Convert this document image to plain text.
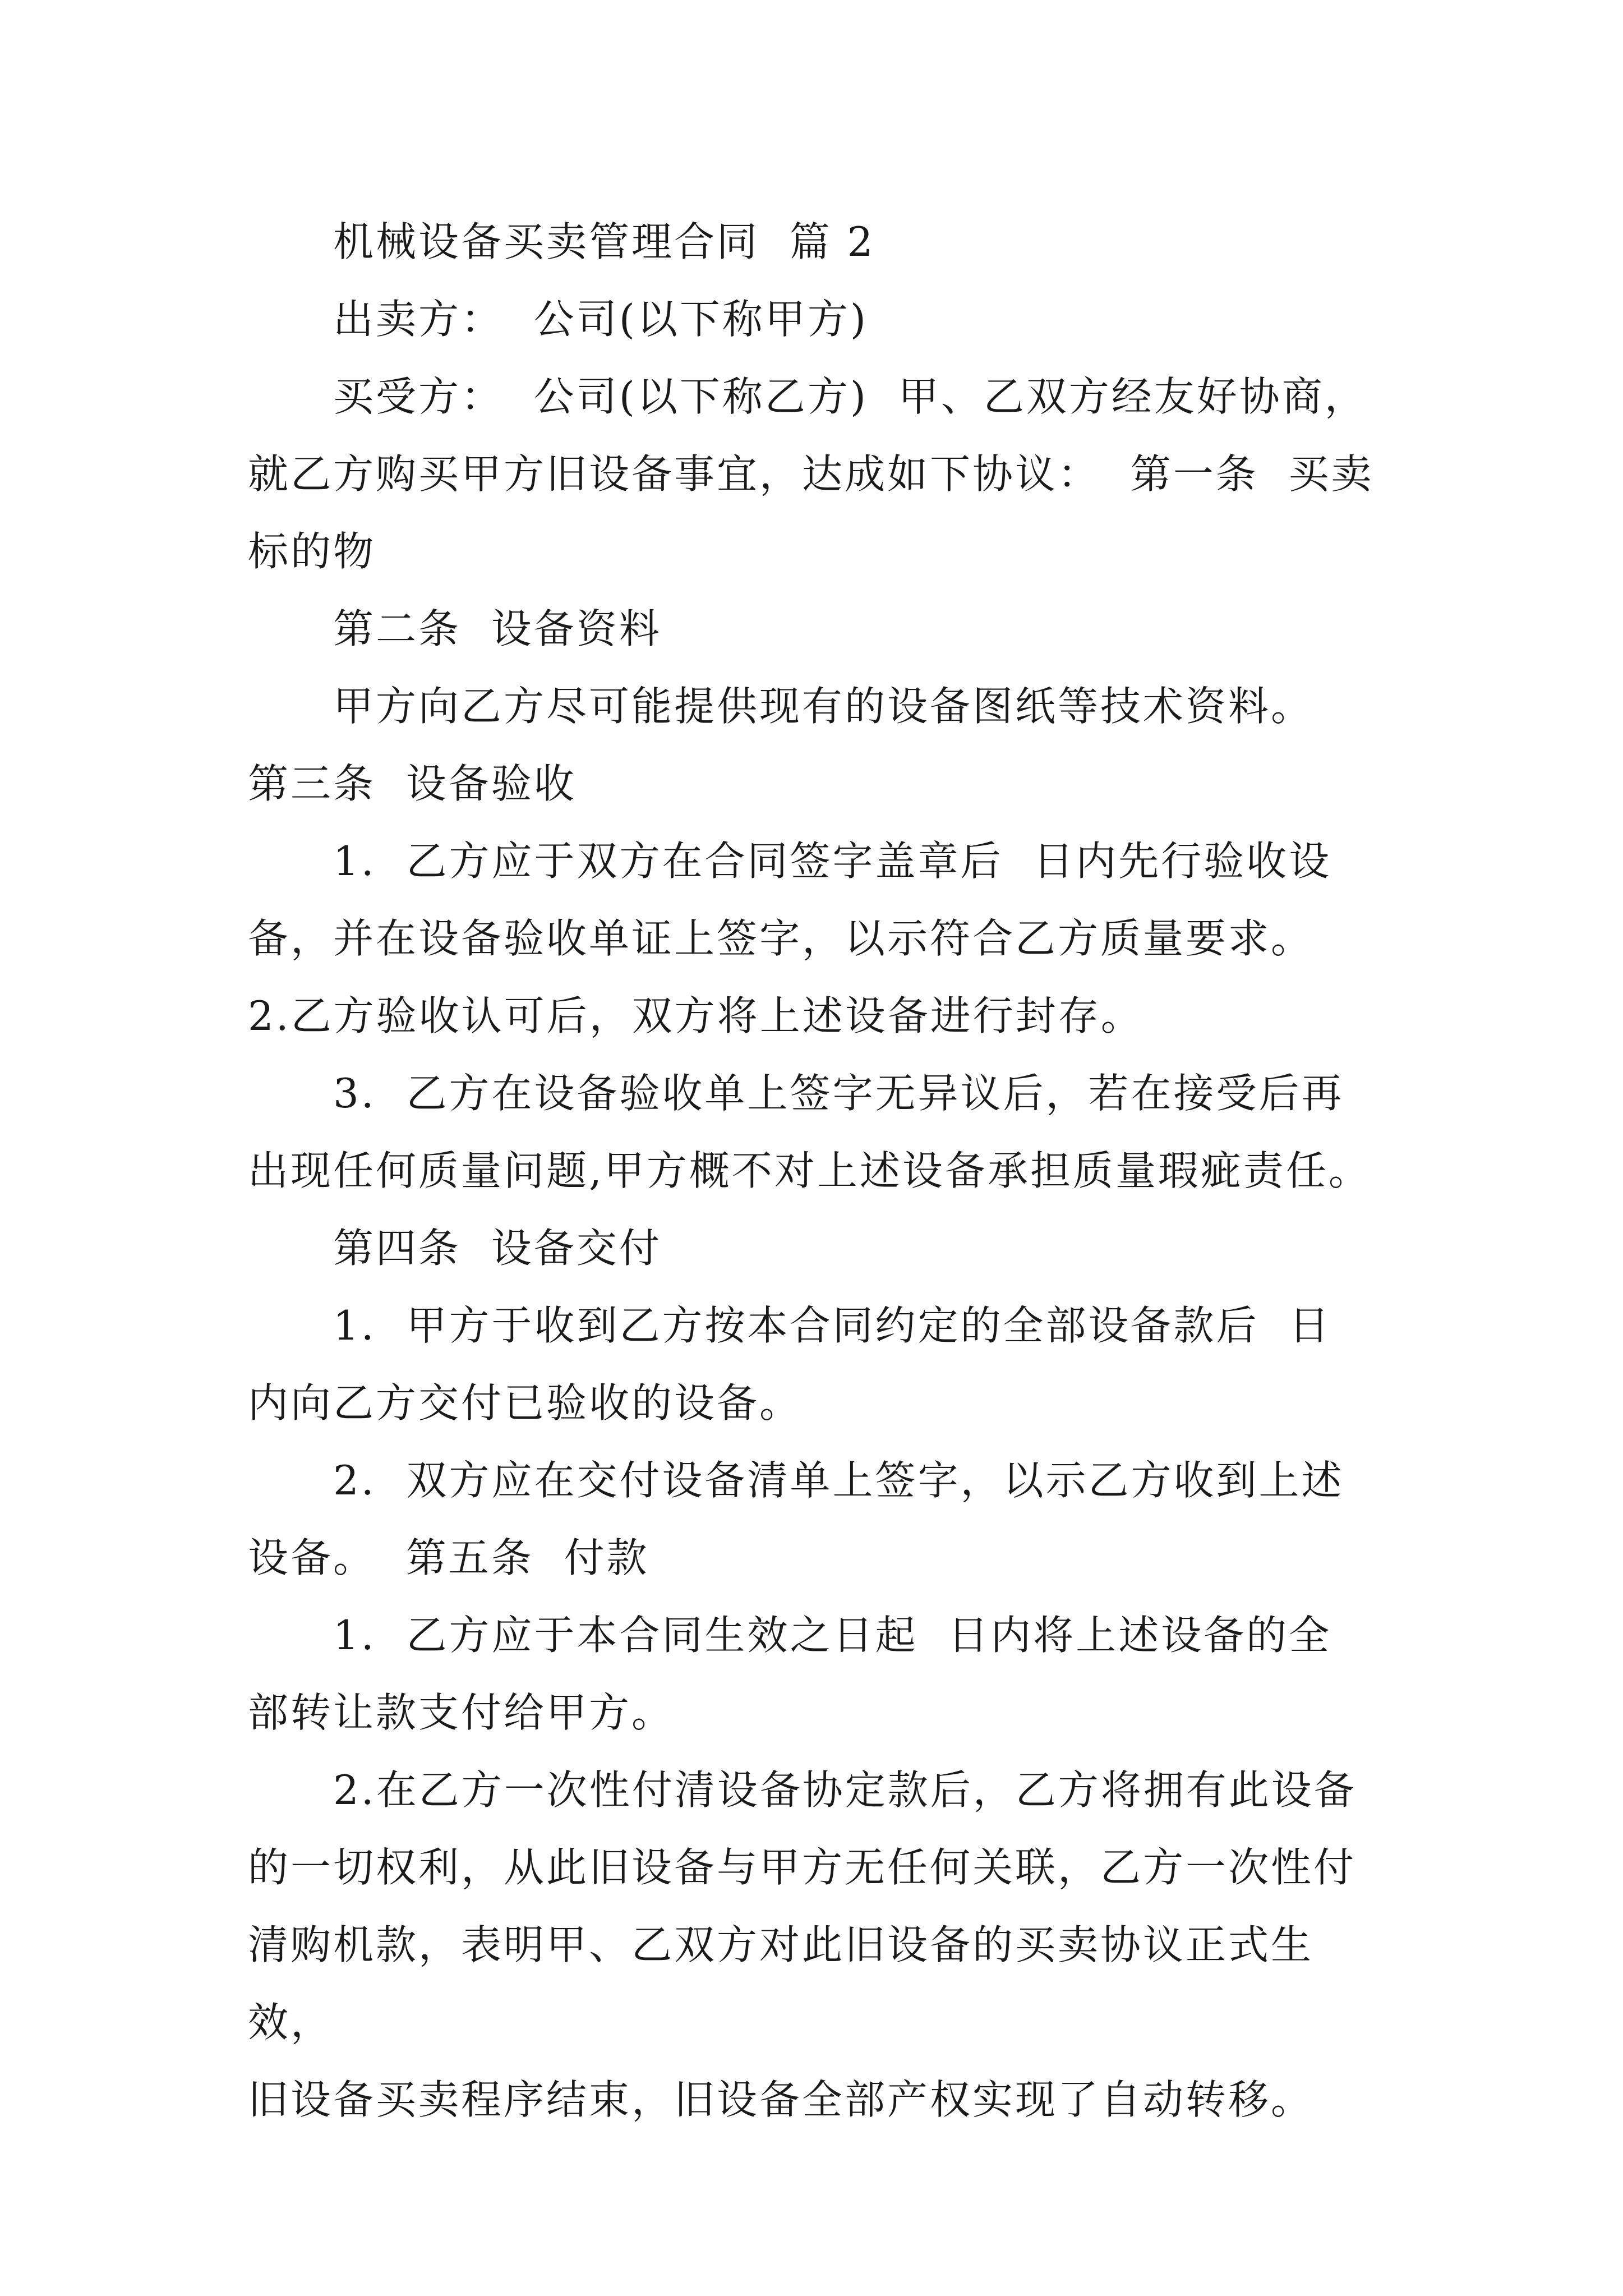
机械设备买卖管理合同  篇 2
出卖方：  公司(以下称甲方)
买受方：  公司(以下称乙方)  甲、乙双方经友好协商，
就乙方购买甲方旧设备事宜，达成如下协议：  第一条  买卖
标的物
第二条  设备资料
甲方向乙方尽可能提供现有的设备图纸等技术资料。
第三条  设备验收
1.  乙方应于双方在合同签字盖章后  日内先行验收设
备，并在设备验收单证上签字，以示符合乙方质量要求。
2.乙方验收认可后，双方将上述设备进行封存。
3.  乙方在设备验收单上签字无异议后，若在接受后再
出现任何质量问题,甲方概不对上述设备承担质量瑕疵责任。
第四条  设备交付
1.  甲方于收到乙方按本合同约定的全部设备款后  日
内向乙方交付已验收的设备。
2.  双方应在交付设备清单上签字，以示乙方收到上述
设备。  第五条  付款
1.  乙方应于本合同生效之日起  日内将上述设备的全
部转让款支付给甲方。
2.在乙方一次性付清设备协定款后，乙方将拥有此设备
的一切权利，从此旧设备与甲方无任何关联，乙方一次性付
清购机款，表明甲、乙双方对此旧设备的买卖协议正式生效，
旧设备买卖程序结束，旧设备全部产权实现了自动转移。
